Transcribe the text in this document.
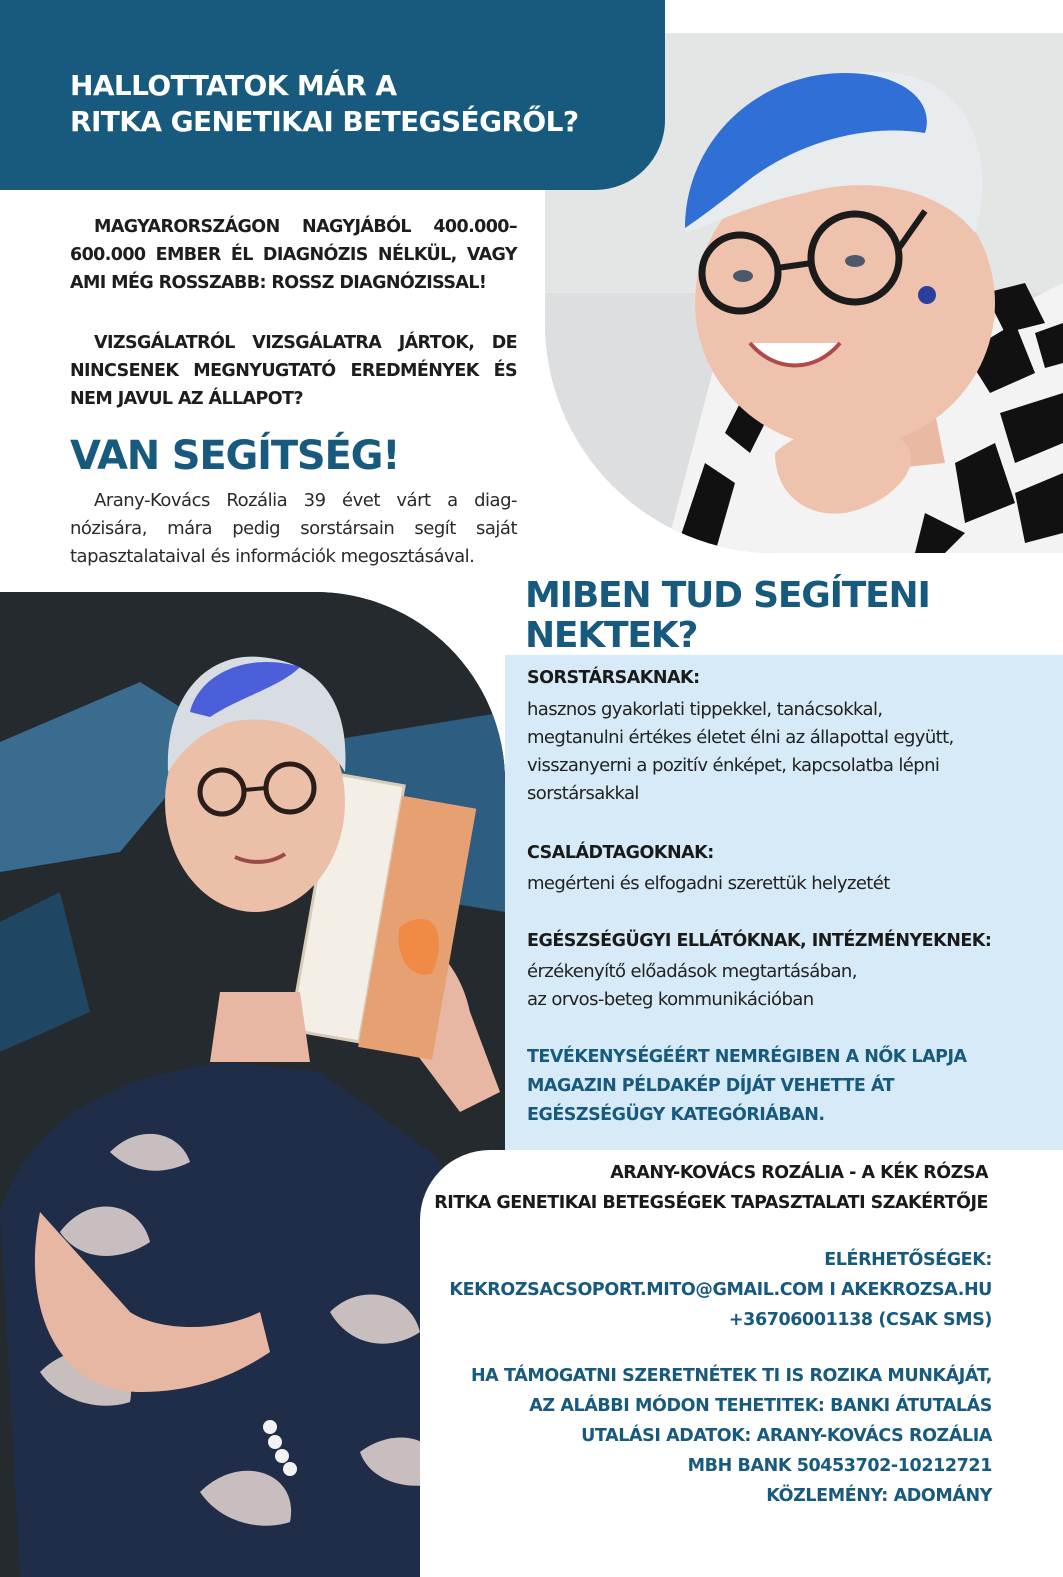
HALLOTTATOK MÁR A
RITKA GENETIKAI BETEGSÉGRŐL?

MAGYARORSZÁGON NAGYJÁBÓL 400.000–600.000 EMBER ÉL DIAGNÓZIS NÉLKÜL, VAGY AMI MÉG ROSSZABB: ROSSZ DIAGNÓZISSAL!

VIZSGÁLATRÓL VIZSGÁLATRA JÁRTOK, DE NINCSENEK MEGNYUGTATÓ EREDMÉNYEK ÉS NEM JAVUL AZ ÁLLAPOT?

VAN SEGÍTSÉG!

Arany-Kovács Rozália 39 évet várt a diag-nózisára, mára pedig sorstársain segít saját tapasztalataival és információk megosztásával.

MIBEN TUD SEGÍTENI
NEKTEK?
SORSTÁRSAKNAK:

hasznos gyakorlati tippekkel, tanácsokkal,
megtanulni értékes életet élni az állapottal együtt,
visszanyerni a pozitív énképet, kapcsolatba lépni
sorstársakkal

CSALÁDTAGOKNAK:

megérteni és elfogadni szerettük helyzetét

EGÉSZSÉGÜGYI ELLÁTÓKNAK, INTÉZMÉNYEKNEK:

érzékenyítő előadások megtartásában,
az orvos-beteg kommunikációban

TEVÉKENYSÉGÉÉRT NEMRÉGIBEN A NŐK LAPJA
MAGAZIN PÉLDAKÉP DÍJÁT VEHETTE ÁT
EGÉSZSÉGÜGY KATEGÓRIÁBAN.

ARANY-KOVÁCS ROZÁLIA - A KÉK RÓZSA
RITKA GENETIKAI BETEGSÉGEK TAPASZTALATI SZAKÉRTŐJE

ELÉRHETŐSÉGEK:
KEKROZSACSOPORT.MITO@GMAIL.COM I AKEKROZSA.HU
+36706001138 (CSAK SMS)

HA TÁMOGATNI SZERETNÉTEK TI IS ROZIKA MUNKÁJÁT,
AZ ALÁBBI MÓDON TEHETITEK: BANKI ÁTUTALÁS
UTALÁSI ADATOK: ARANY-KOVÁCS ROZÁLIA
MBH BANK 50453702-10212721
KÖZLEMÉNY: ADOMÁNY
